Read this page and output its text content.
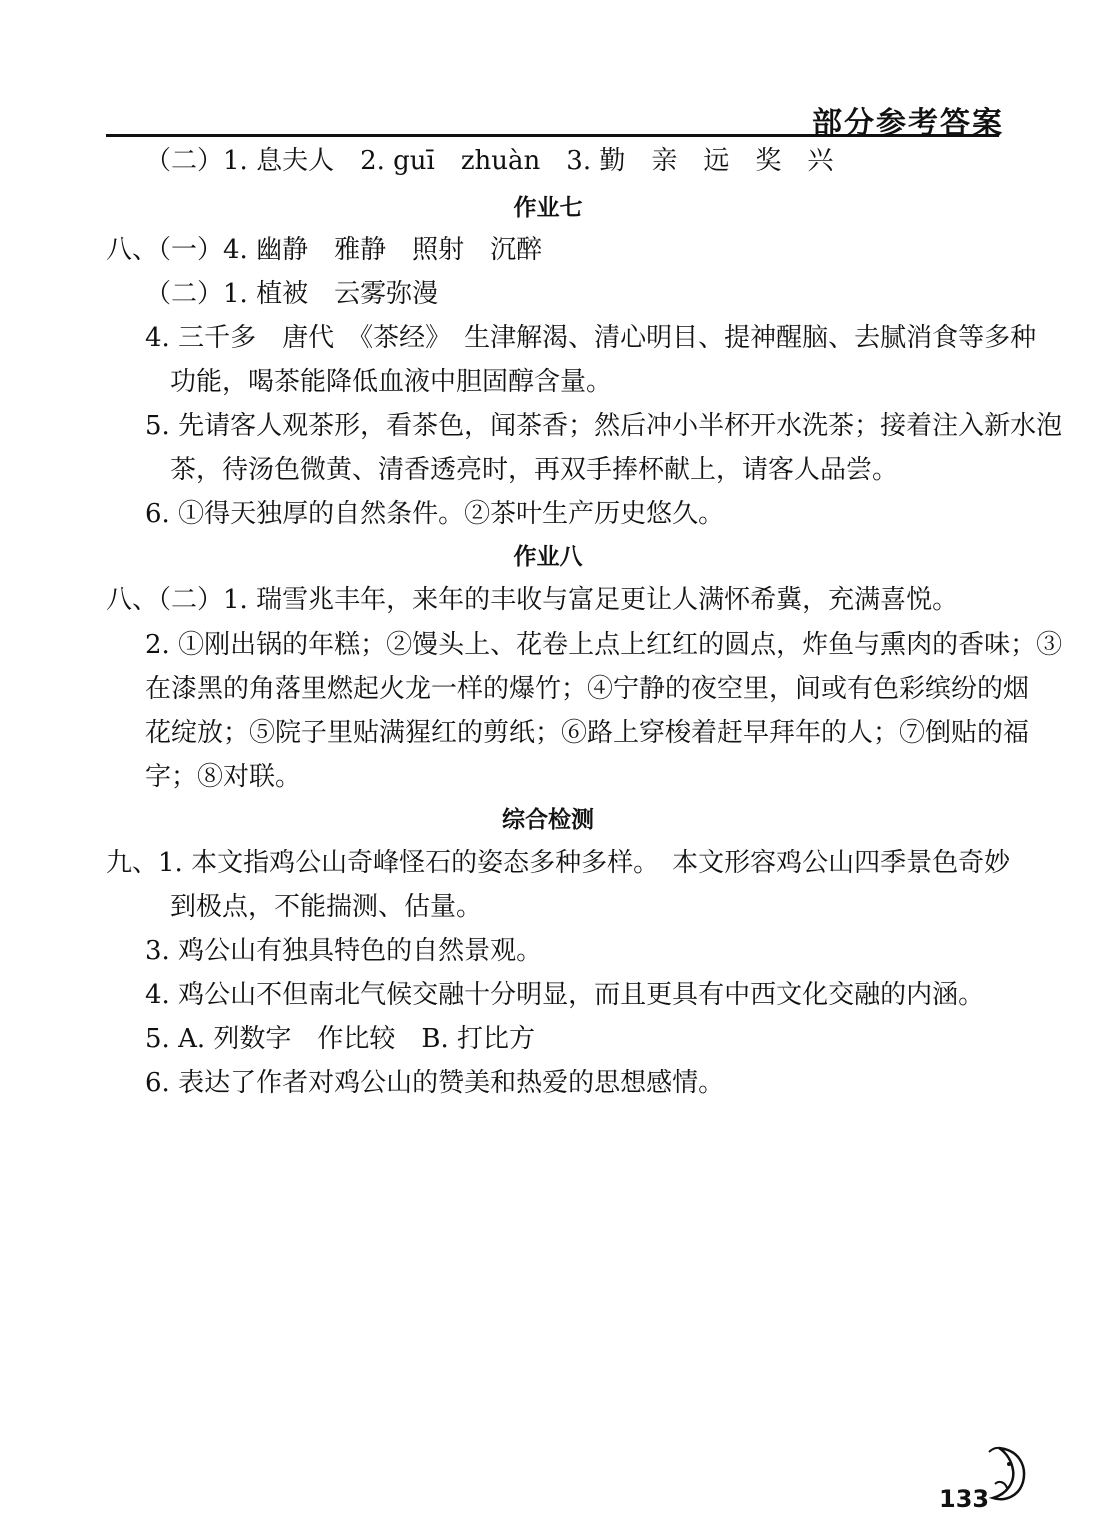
部分参考答案
（二）1. 息夫人　2. guī　zhuàn　3. 勤　亲　远　奖　兴
作业七
八、（一）4. 幽静　雅静　照射　沉醉
（二）1. 植被　云雾弥漫
4. 三千多　唐代　《茶经》　生津解渴、清心明目、提神醒脑、去腻消食等多种
功能，喝茶能降低血液中胆固醇含量。
5. 先请客人观茶形，看茶色，闻茶香；然后冲小半杯开水洗茶；接着注入新水泡
茶，待汤色微黄、清香透亮时，再双手捧杯献上，请客人品尝。
6. ①得天独厚的自然条件。②茶叶生产历史悠久。
作业八
八、（二）1. 瑞雪兆丰年，来年的丰收与富足更让人满怀希冀，充满喜悦。
2. ①刚出锅的年糕；②馒头上、花卷上点上红红的圆点，炸鱼与熏肉的香味；③
在漆黑的角落里燃起火龙一样的爆竹；④宁静的夜空里，间或有色彩缤纷的烟
花绽放；⑤院子里贴满猩红的剪纸；⑥路上穿梭着赶早拜年的人；⑦倒贴的福
字；⑧对联。
综合检测
九、1. 本文指鸡公山奇峰怪石的姿态多种多样。　本文形容鸡公山四季景色奇妙
到极点，不能揣测、估量。
3. 鸡公山有独具特色的自然景观。
4. 鸡公山不但南北气候交融十分明显，而且更具有中西文化交融的内涵。
5. A. 列数字　作比较　B. 打比方
6. 表达了作者对鸡公山的赞美和热爱的思想感情。
133
